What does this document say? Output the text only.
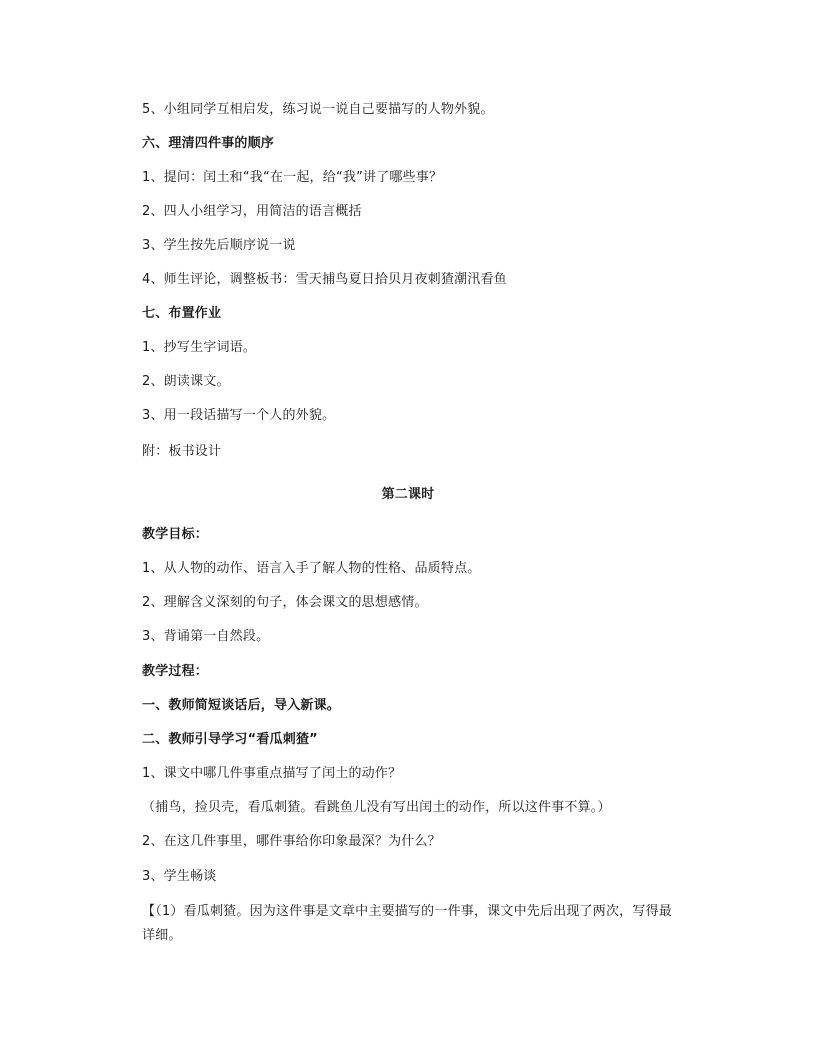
5、小组同学互相启发，练习说一说自己要描写的人物外貌。
六、理清四件事的顺序
1、提问：闰土和“我“在一起，给“我”讲了哪些事？
2、四人小组学习，用简洁的语言概括
3、学生按先后顺序说一说
4、师生评论，调整板书：雪天捕鸟夏日拾贝月夜刺猹潮汛看鱼
七、布置作业
1、抄写生字词语。
2、朗读课文。
3、用一段话描写一个人的外貌。
附：板书设计
第二课时
教学目标：
1、从人物的动作、语言入手了解人物的性格、品质特点。
2、理解含义深刻的句子，体会课文的思想感情。
3、背诵第一自然段。
教学过程：
一、教师简短谈话后，导入新课。
二、教师引导学习“看瓜刺猹”
1、课文中哪几件事重点描写了闰土的动作？
（捕鸟，捡贝壳，看瓜刺猹。看跳鱼儿没有写出闰土的动作，所以这件事不算。）
2、在这几件事里，哪件事给你印象最深？为什么？
3、学生畅谈
【（1）看瓜刺猹。因为这件事是文章中主要描写的一件事，课文中先后出现了两次，写得最详细。
